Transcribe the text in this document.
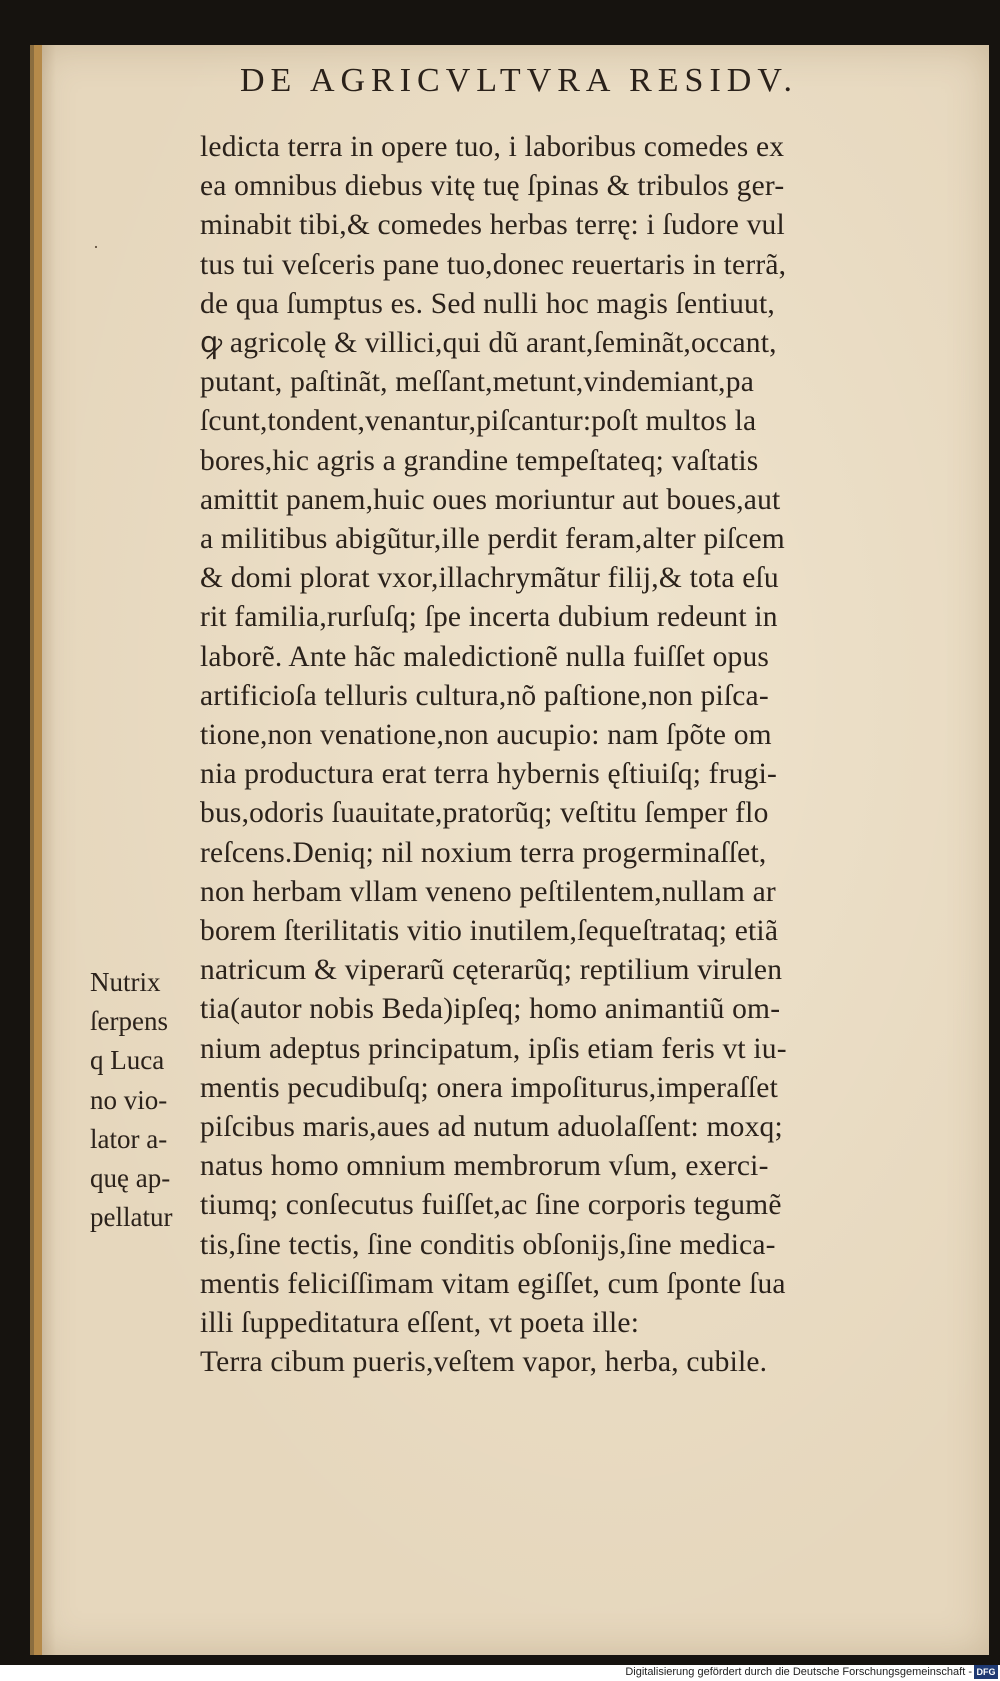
DE AGRICVLTVRA RESIDV.
·
ledicta terra in opere tuo, i laboribus comedes ex
ea omnibus diebus vitę tuę ſpinas & tribulos ger-
minabit tibi,& comedes herbas terrę: i ſudore vul
tus tui veſceris pane tuo,donec reuertaris in terrã,
de qua ſumptus es. Sed nulli hoc magis ſentiuut,
ꝙ agricolę & villici,qui dũ arant,ſeminãt,occant,
putant, paſtinãt, meſſant,metunt,vindemiant,pa
ſcunt,tondent,venantur,piſcantur:poſt multos la
bores,hic agris a grandine tempeſtateq; vaſtatis
amittit panem,huic oues moriuntur aut boues,aut
a militibus abigũtur,ille perdit feram,alter piſcem
& domi plorat vxor,illachrymãtur filij,& tota eſu
rit familia,rurſuſq; ſpe incerta dubium redeunt in
laborẽ. Ante hãc maledictionẽ nulla fuiſſet opus
artificioſa telluris cultura,nõ paſtione,non piſca-
tione,non venatione,non aucupio: nam ſpõte om
nia productura erat terra hybernis ęſtiuiſq; frugi-
bus,odoris ſuauitate,pratorũq; veſtitu ſemper flo
reſcens.Deniq; nil noxium terra progerminaſſet,
non herbam vllam veneno peſtilentem,nullam ar
borem ſterilitatis vitio inutilem,ſequeſtrataq; etiã
natricum & viperarũ cęterarũq; reptilium virulen
tia(autor nobis Beda)ipſeq; homo animantiũ om-
nium adeptus principatum, ipſis etiam feris vt iu-
mentis pecudibuſq; onera impoſiturus,imperaſſet
piſcibus maris,aues ad nutum aduolaſſent: moxq;
natus homo omnium membrorum vſum, exerci-
tiumq; conſecutus fuiſſet,ac ſine corporis tegumẽ
tis,ſine tectis, ſine conditis obſonijs,ſine medica-
mentis feliciſſimam vitam egiſſet, cum ſponte ſua
illi ſuppeditatura eſſent, vt poeta ille:
Terra cibum pueris,veſtem vapor, herba, cubile.
Nutrix
ſerpens
q Luca
no vio-
lator a-
quę ap-
pellatur
Digitalisierung gefördert durch die Deutsche Forschungsgemeinschaft - DFG
